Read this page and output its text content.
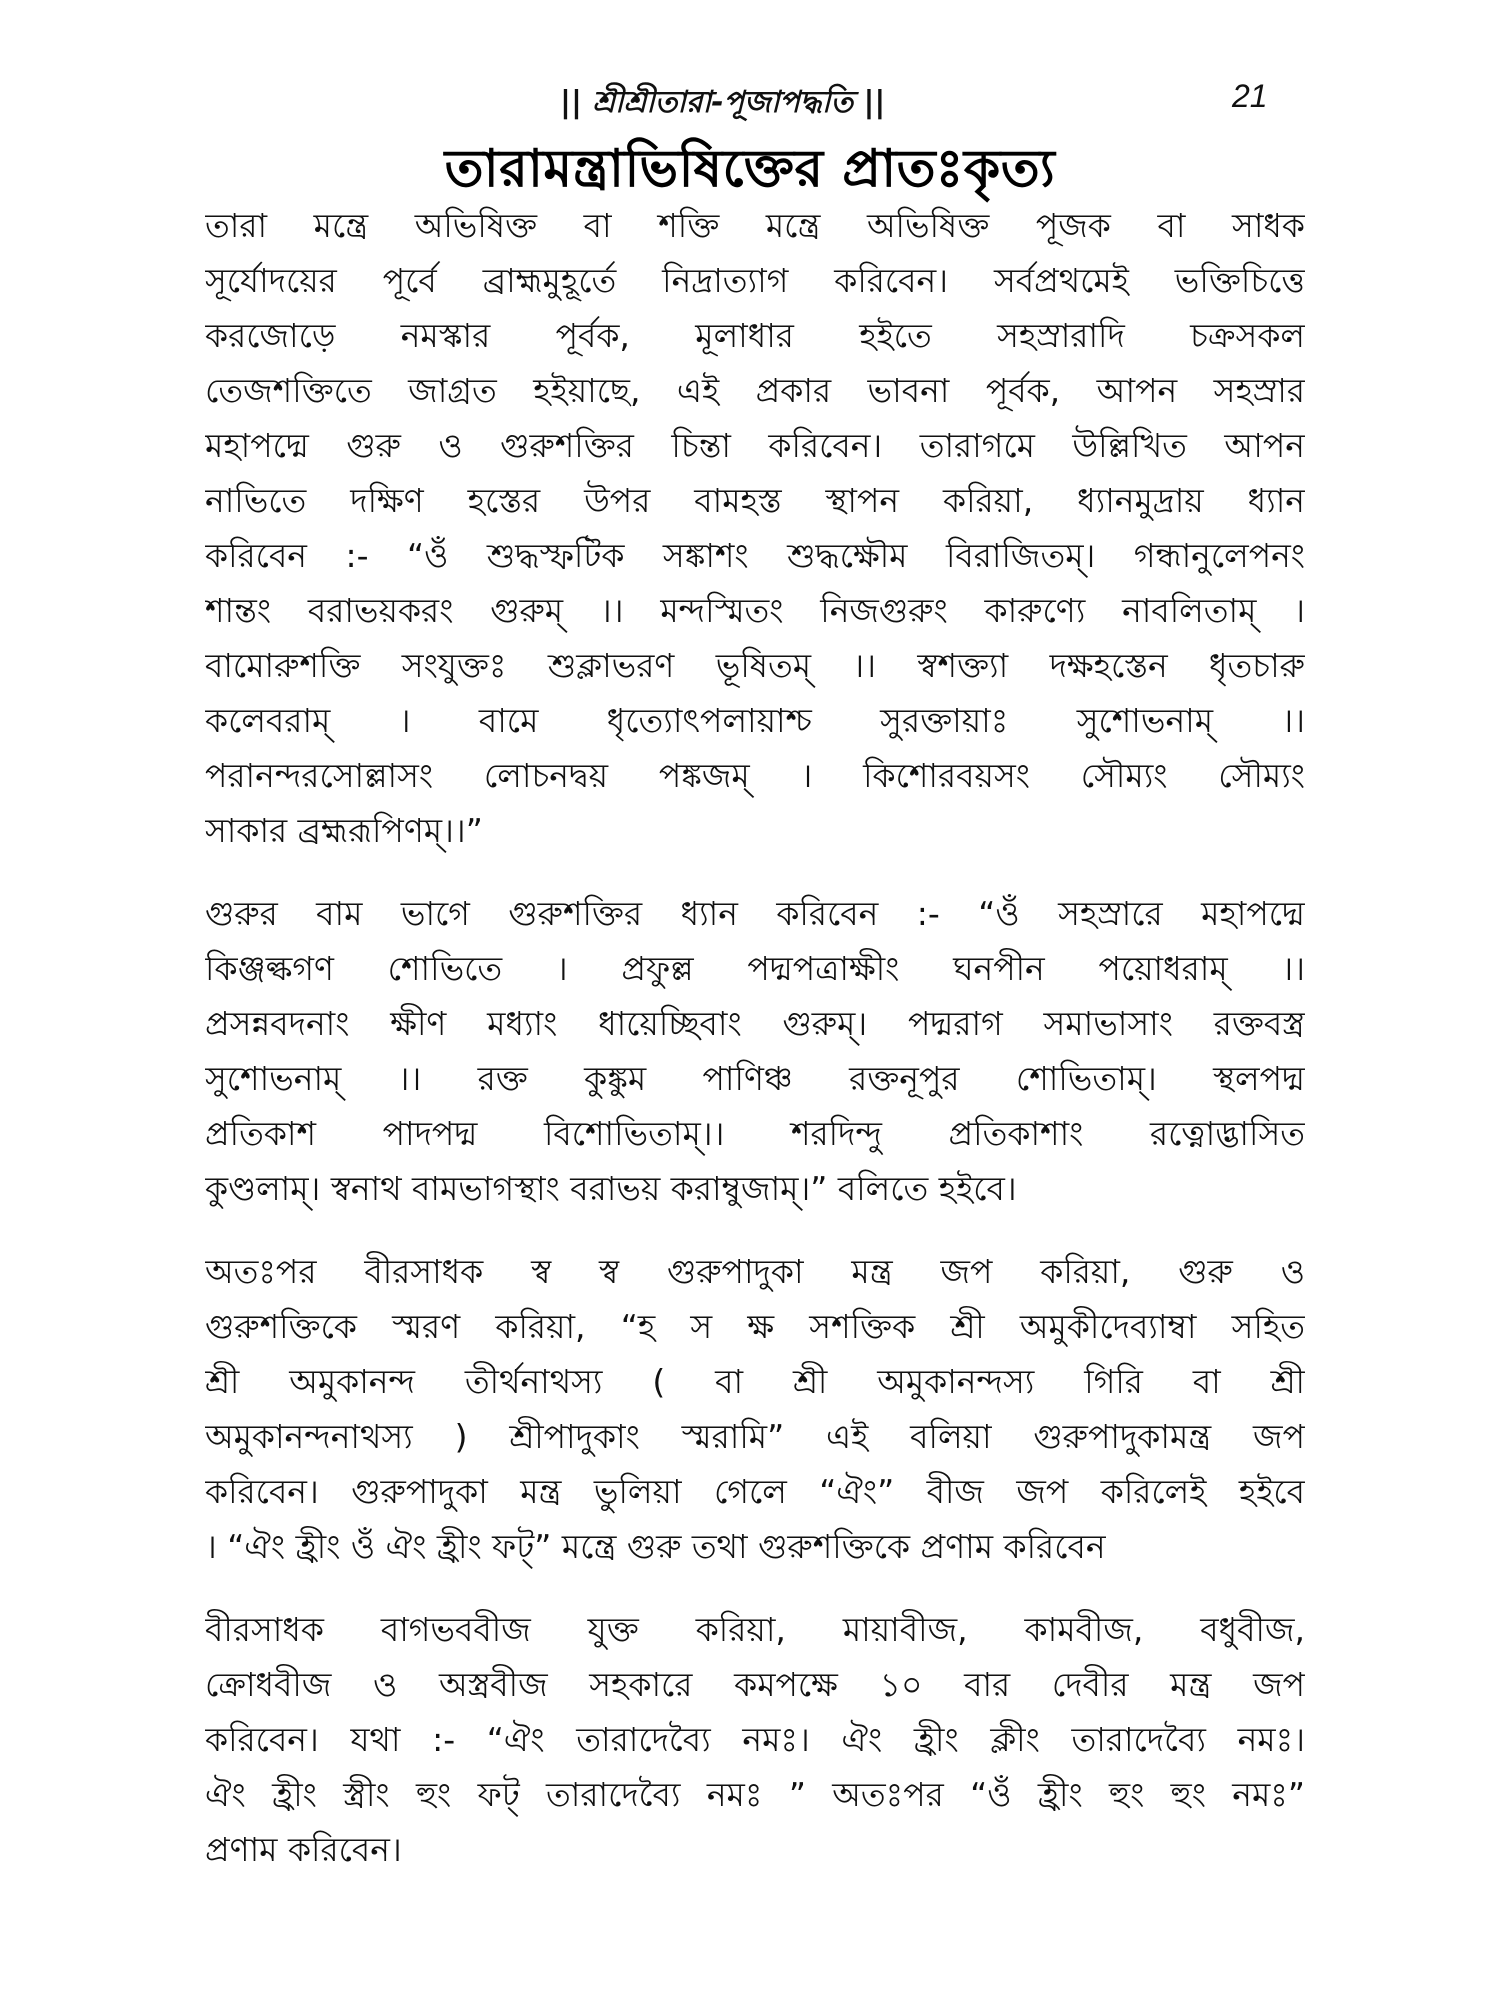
|| শ্রীশ্রীতারা-পূজাপদ্ধতি ||	21
তারামন্ত্রাভিষিক্তের প্রাতঃকৃত্য
তারা মন্ত্রে অভিষিক্ত বা শক্তি মন্ত্রে অভিষিক্ত পূজক বা সাধক
সূর্যোদয়ের পূর্বে ব্রাহ্মমুহূর্তে নিদ্রাত্যাগ করিবেন। সর্বপ্রথমেই ভক্তিচিত্তে
করজোড়ে নমস্কার পূর্বক, মূলাধার হইতে সহস্রারাদি চক্রসকল
তেজশক্তিতে জাগ্রত হইয়াছে, এই প্রকার ভাবনা পূর্বক, আপন সহস্রার
মহাপদ্মে গুরু ও গুরুশক্তির চিন্তা করিবেন। তারাগমে উল্লিখিত আপন
নাভিতে দক্ষিণ হস্তের উপর বামহস্ত স্থাপন করিয়া, ধ্যানমুদ্রায় ধ্যান
করিবেন :- “ওঁ শুদ্ধস্ফটিক সঙ্কাশং শুদ্ধক্ষৌম বিরাজিতম্। গন্ধানুলেপনং
শান্তং বরাভয়করং গুরুম্ ।। মন্দস্মিতং নিজগুরুং কারুণ্যে নাবলিতাম্ ।
বামোরুশক্তি সংযুক্তঃ শুক্লাভরণ ভূষিতম্ ।। স্বশক্ত্যা দক্ষহস্তেন ধৃতচারু
কলেবরাম্ । বামে ধৃত্যোৎপলায়াশ্চ সুরক্তায়াঃ সুশোভনাম্ ।।
পরানন্দরসোল্লাসং লোচনদ্বয় পঙ্কজম্ । কিশোরবয়সং সৌম্যং সৌম্যং
সাকার ব্রহ্মরূপিণম্।।”
গুরুর বাম ভাগে গুরুশক্তির ধ্যান করিবেন :- “ওঁ সহস্রারে মহাপদ্মে
কিঞ্জল্কগণ শোভিতে । প্রফুল্ল পদ্মপত্রাক্ষীং ঘনপীন পয়োধরাম্ ।।
প্রসন্নবদনাং ক্ষীণ মধ্যাং ধায়েচ্ছিবাং গুরুম্। পদ্মরাগ সমাভাসাং রক্তবস্ত্র
সুশোভনাম্ ।। রক্ত কুঙ্কুম পাণিঞ্চ রক্তনূপুর শোভিতাম্। স্থলপদ্ম
প্রতিকাশ পাদপদ্ম বিশোভিতাম্।। শরদিন্দু প্রতিকাশাং রত্নোদ্ভাসিত
কুণ্ডলাম্। স্বনাথ বামভাগস্থাং বরাভয় করাম্বুজাম্।” বলিতে হইবে।
অতঃপর বীরসাধক স্ব স্ব গুরুপাদুকা মন্ত্র জপ করিয়া, গুরু ও
গুরুশক্তিকে স্মরণ করিয়া, “হ স ক্ষ সশক্তিক শ্রী অমুকীদেব্যাম্বা সহিত
শ্রী অমুকানন্দ তীর্থনাথস্য ( বা শ্রী অমুকানন্দস্য গিরি বা শ্রী
অমুকানন্দনাথস্য ) শ্রীপাদুকাং স্মরামি” এই বলিয়া গুরুপাদুকামন্ত্র জপ
করিবেন। গুরুপাদুকা মন্ত্র ভুলিয়া গেলে “ঐং” বীজ জপ করিলেই হইবে
। “ঐং হ্রীং ওঁ ঐং হ্রীং ফট্” মন্ত্রে গুরু তথা গুরুশক্তিকে প্রণাম করিবেন
বীরসাধক বাগভববীজ যুক্ত করিয়া, মায়াবীজ, কামবীজ, বধুবীজ,
ক্রোধবীজ ও অস্ত্রবীজ সহকারে কমপক্ষে ১০ বার দেবীর মন্ত্র জপ
করিবেন। যথা :- “ঐং তারাদেব্যৈ নমঃ। ঐং হ্রীং ক্লীং তারাদেব্যৈ নমঃ।
ঐং হ্রীং স্ত্রীং হুং ফট্ তারাদেব্যৈ নমঃ ” অতঃপর “ওঁ হ্রীং হুং হুং নমঃ”
প্রণাম করিবেন।
